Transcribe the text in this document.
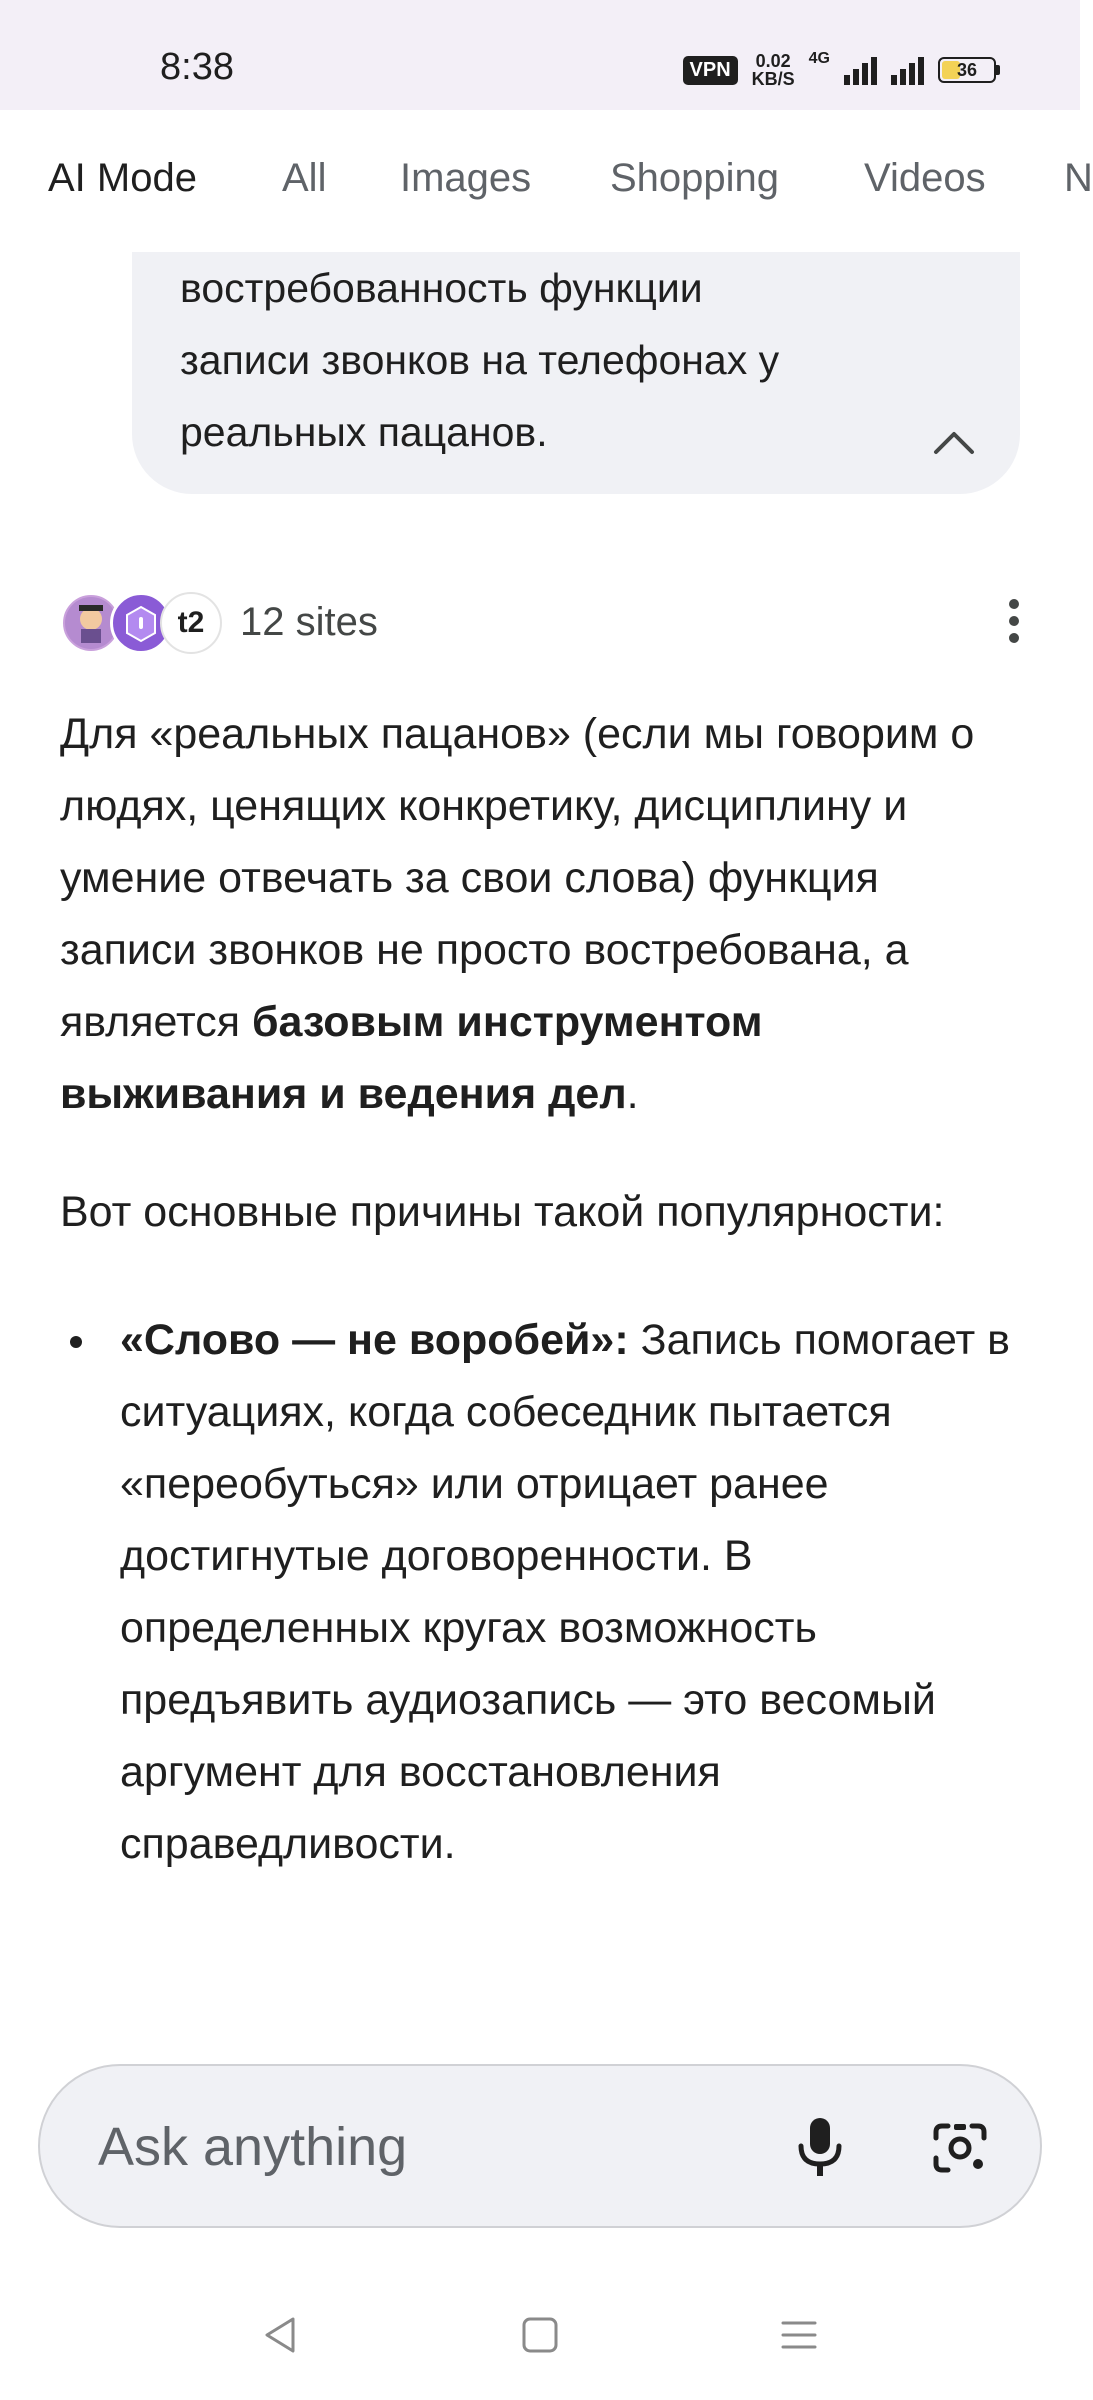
8:38	VPN	0.02
KB/S
4G
36
AI Mode All Images Shopping Videos N
востребованность функции
записи звонков на телефонах у
реальных пацанов.
t2 12 sites

Для «реальных пацанов» (если мы говорим о людях, ценящих конкретику, дисциплину и умение отвечать за свои слова) функция записи звонков не просто востребована, а является базовым инструментом выживания и ведения дел.

Вот основные причины такой популярности:

«Слово — не воробей»: Запись помогает в ситуациях, когда собеседник пытается «переобуться» или отрицает ранее достигнутые договоренности. В определенных кругах возможность предъявить аудиозапись — это весомый аргумент для восстановления справедливости.
Ask anything
